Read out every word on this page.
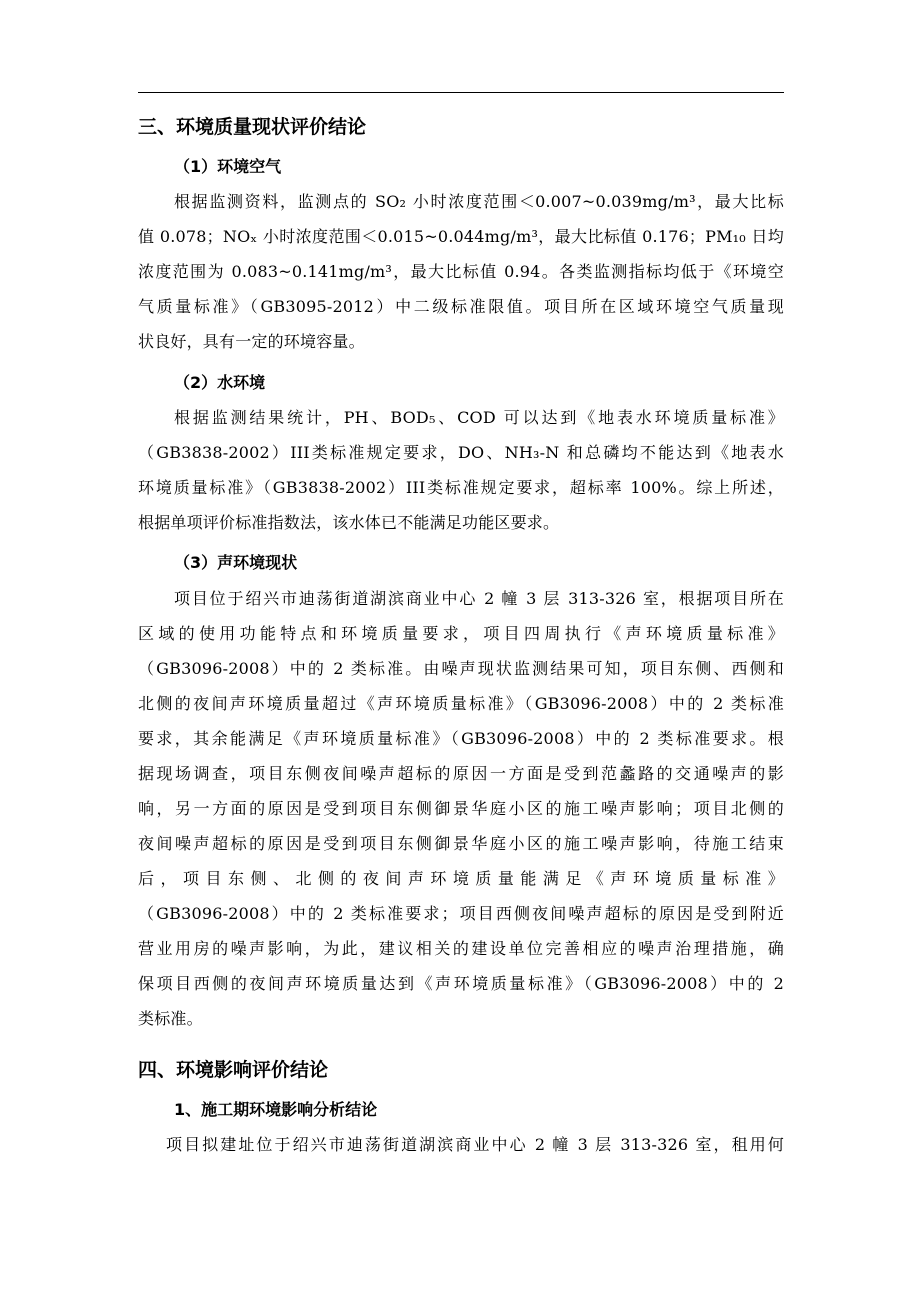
三、环境质量现状评价结论
（1）环境空气
根据监测资料，监测点的 SO₂ 小时浓度范围＜0.007~0.039mg/m³，最大比标
值 0.078；NOₓ 小时浓度范围＜0.015~0.044mg/m³，最大比标值 0.176；PM₁₀ 日均
浓度范围为 0.083~0.141mg/m³，最大比标值 0.94。各类监测指标均低于《环境空
气质量标准》（GB3095-2012）中二级标准限值。项目所在区域环境空气质量现
状良好，具有一定的环境容量。
（2）水环境
根据监测结果统计，PH、BOD₅、COD 可以达到《地表水环境质量标准》
（GB3838-2002）III类标准规定要求，DO、NH₃-N 和总磷均不能达到《地表水
环境质量标准》（GB3838-2002）III类标准规定要求，超标率 100%。综上所述，
根据单项评价标准指数法，该水体已不能满足功能区要求。
（3）声环境现状
项目位于绍兴市迪荡街道湖滨商业中心 2 幢 3 层 313-326 室，根据项目所在
区域的使用功能特点和环境质量要求，项目四周执行《声环境质量标准》
（GB3096-2008）中的 2 类标准。由噪声现状监测结果可知，项目东侧、西侧和
北侧的夜间声环境质量超过《声环境质量标准》（GB3096-2008）中的 2 类标准
要求，其余能满足《声环境质量标准》（GB3096-2008）中的 2 类标准要求。根
据现场调查，项目东侧夜间噪声超标的原因一方面是受到范蠡路的交通噪声的影
响，另一方面的原因是受到项目东侧御景华庭小区的施工噪声影响；项目北侧的
夜间噪声超标的原因是受到项目东侧御景华庭小区的施工噪声影响，待施工结束
后，项目东侧、北侧的夜间声环境质量能满足《声环境质量标准》
（GB3096-2008）中的 2 类标准要求；项目西侧夜间噪声超标的原因是受到附近
营业用房的噪声影响，为此，建议相关的建设单位完善相应的噪声治理措施，确
保项目西侧的夜间声环境质量达到《声环境质量标准》（GB3096-2008）中的 2
类标准。
四、环境影响评价结论
1、施工期环境影响分析结论
项目拟建址位于绍兴市迪荡街道湖滨商业中心 2 幢 3 层 313-326 室，租用何
